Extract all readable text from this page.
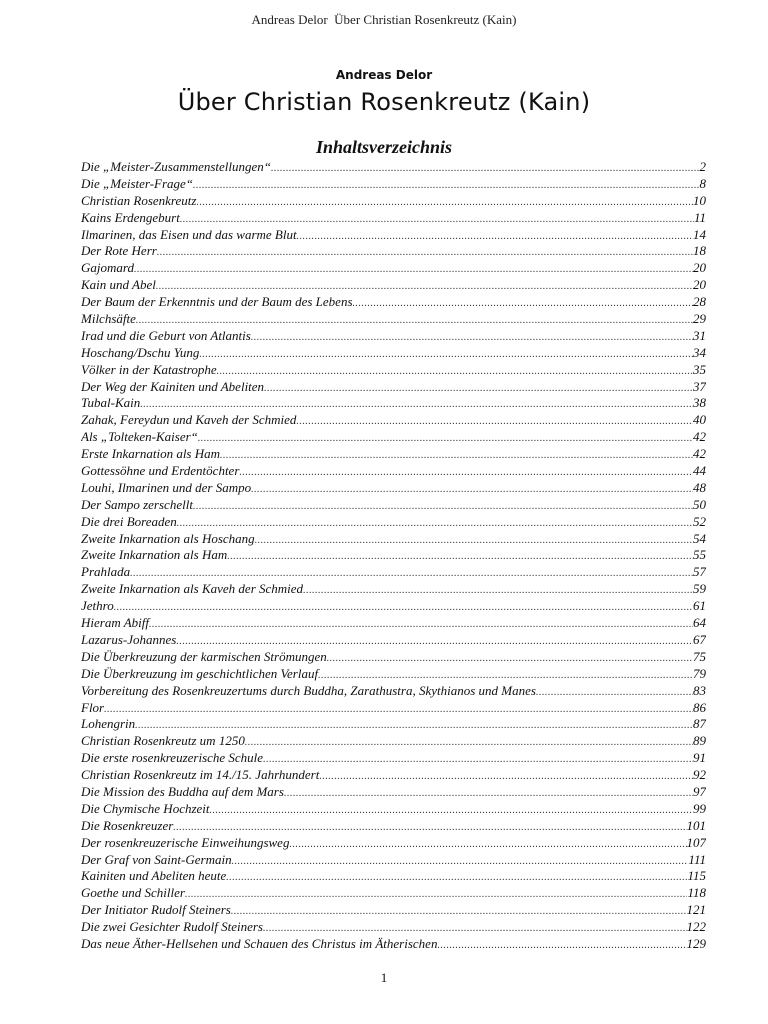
Andreas Delor  Über Christian Rosenkreutz (Kain)
Andreas Delor
Über Christian Rosenkreutz (Kain)
Inhaltsverzeichnis
Die „Meister-Zusammenstellungen“ .....	2
Die „Meister-Frage“ .....	8
Christian Rosenkreutz .....	10
Kains Erdengeburt .....	11
Ilmarinen, das Eisen und das warme Blut .....	14
Der Rote Herr .....	18
Gajomard .....	20
Kain und Abel .....	20
Der Baum der Erkenntnis und der Baum des Lebens .....	28
Milchsäfte .....	29
Irad und die Geburt von Atlantis .....	31
Hoschang/Dschu Yung .....	34
Völker in der Katastrophe .....	35
Der Weg der Kainiten und Abeliten .....	37
Tubal-Kain .....	38
Zahak, Fereydun und Kaveh der Schmied .....	40
Als „Tolteken-Kaiser“ .....	42
Erste Inkarnation als Ham .....	42
Gottessöhne und Erdentöchter .....	44
Louhi, Ilmarinen und der Sampo .....	48
Der Sampo zerschellt .....	50
Die drei Boreaden .....	52
Zweite Inkarnation als Hoschang .....	54
Zweite Inkarnation als Ham .....	55
Prahlada .....	57
Zweite Inkarnation als Kaveh der Schmied .....	59
Jethro .....	61
Hieram Abiff .....	64
Lazarus-Johannes .....	67
Die Überkreuzung der karmischen Strömungen .....	75
Die Überkreuzung im geschichtlichen Verlauf .....	79
Vorbereitung des Rosenkreuzertums durch Buddha, Zarathustra, Skythianos und Manes .....	83
Flor .....	86
Lohengrin .....	87
Christian Rosenkreutz um 1250 .....	89
Die erste rosenkreuzerische Schule .....	91
Christian Rosenkreutz im 14./15. Jahrhundert .....	92
Die Mission des Buddha auf dem Mars .....	97
Die Chymische Hochzeit .....	99
Die Rosenkreuzer .....	101
Der rosenkreuzerische Einweihungsweg .....	107
Der Graf von Saint-Germain .....	111
Kainiten und Abeliten heute .....	115
Goethe und Schiller .....	118
Der Initiator Rudolf Steiners .....	121
Die zwei Gesichter Rudolf Steiners .....	122
Das neue Äther-Hellsehen und Schauen des Christus im Ätherischen .....	129
1
